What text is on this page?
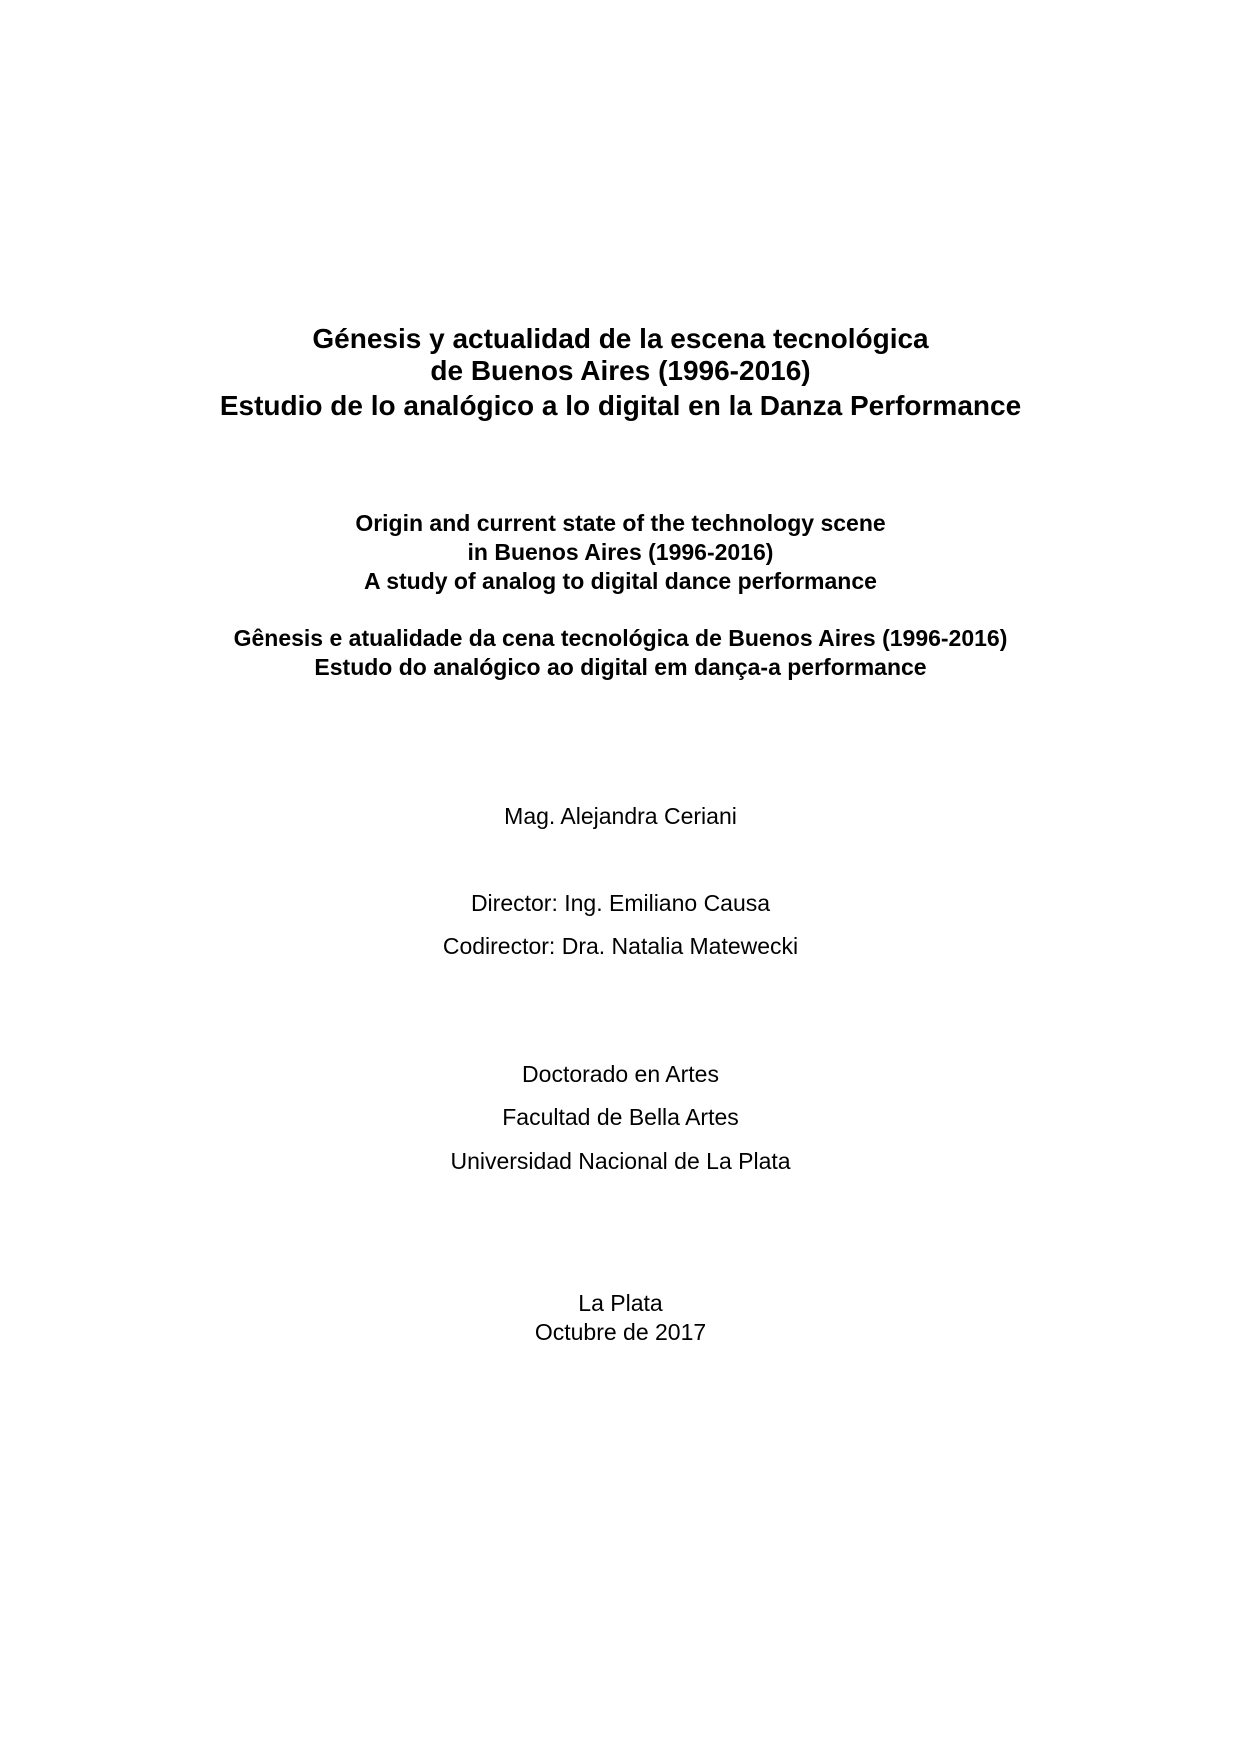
Génesis y actualidad de la escena tecnológica
de Buenos Aires (1996-2016)
Estudio de lo analógico a lo digital en la Danza Performance
Origin and current state of the technology scene
in Buenos Aires (1996-2016)
A study of analog to digital dance performance
Gênesis e atualidade da cena tecnológica de Buenos Aires (1996-2016)
Estudo do analógico ao digital em dança-a performance
Mag. Alejandra Ceriani
Director: Ing. Emiliano Causa
Codirector: Dra. Natalia Matewecki
Doctorado en Artes
Facultad de Bella Artes
Universidad Nacional de La Plata
La Plata
Octubre de 2017
